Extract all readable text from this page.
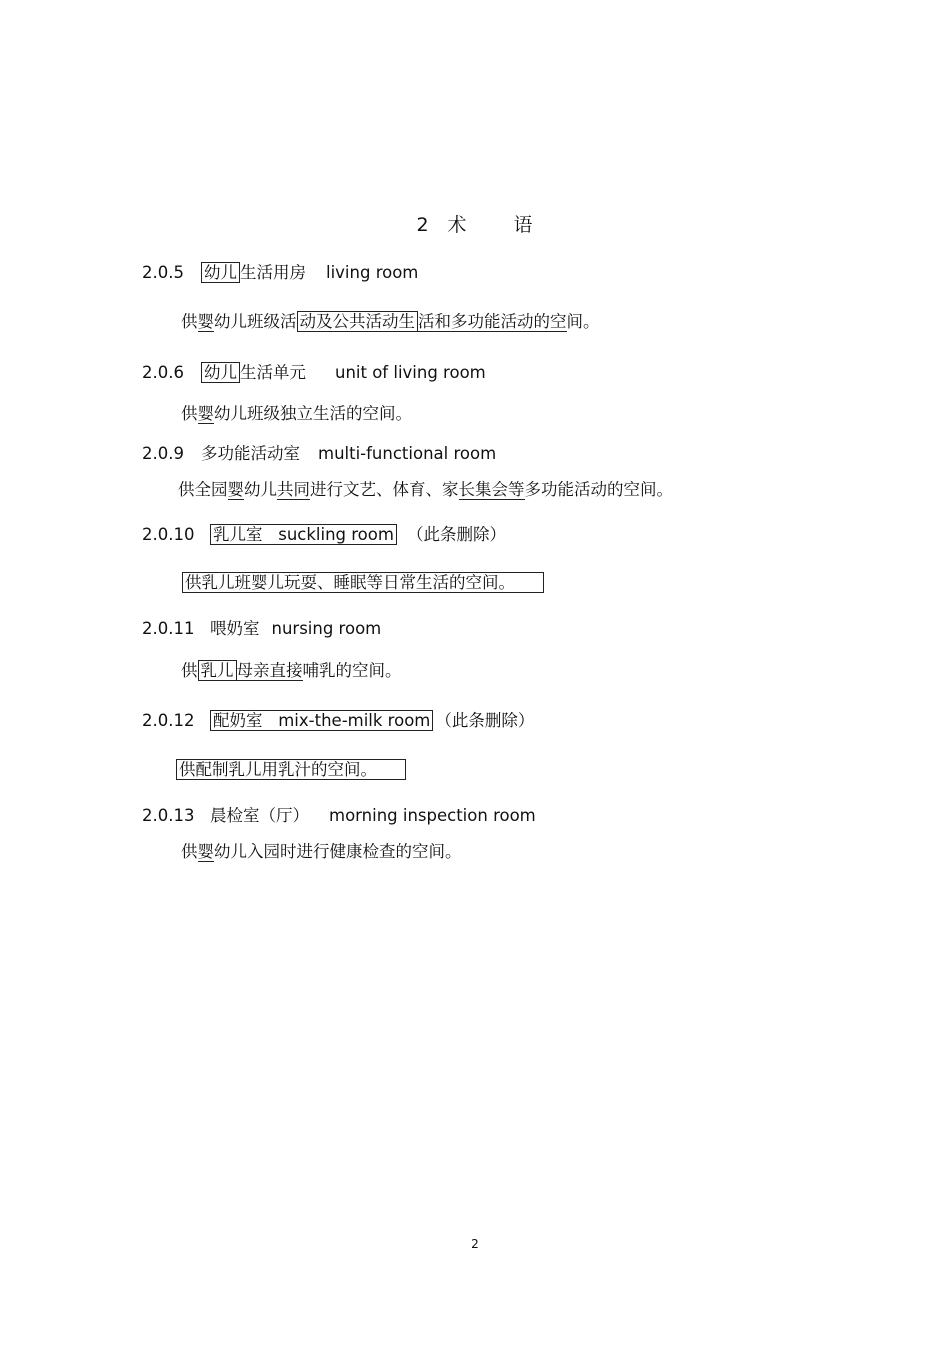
2 术 语
2.0.5 幼儿 生活用房 living room
供婴幼儿班级活 动及公共活动生 活和多功能活动的空间。
2.0.6 幼儿 生活单元 unit of living room
供婴幼儿班级独立生活的空间。
2.0.9 多功能活动室 multi-functional room
供全园婴幼儿共同进行文艺、体育、家长集会等多功能活动的空间。
2.0.10 乳儿室   suckling room （此条删除）
供乳儿班婴儿玩耍、睡眠等日常生活的空间。
2.0.11 喂奶室 nursing room
供 乳儿 母亲直接哺乳的空间。
2.0.12 配奶室   mix-the-milk room （此条删除）
供配制乳儿用乳汁的空间。
2.0.13 晨检室（厅） morning inspection room
供婴幼儿入园时进行健康检查的空间。
2
